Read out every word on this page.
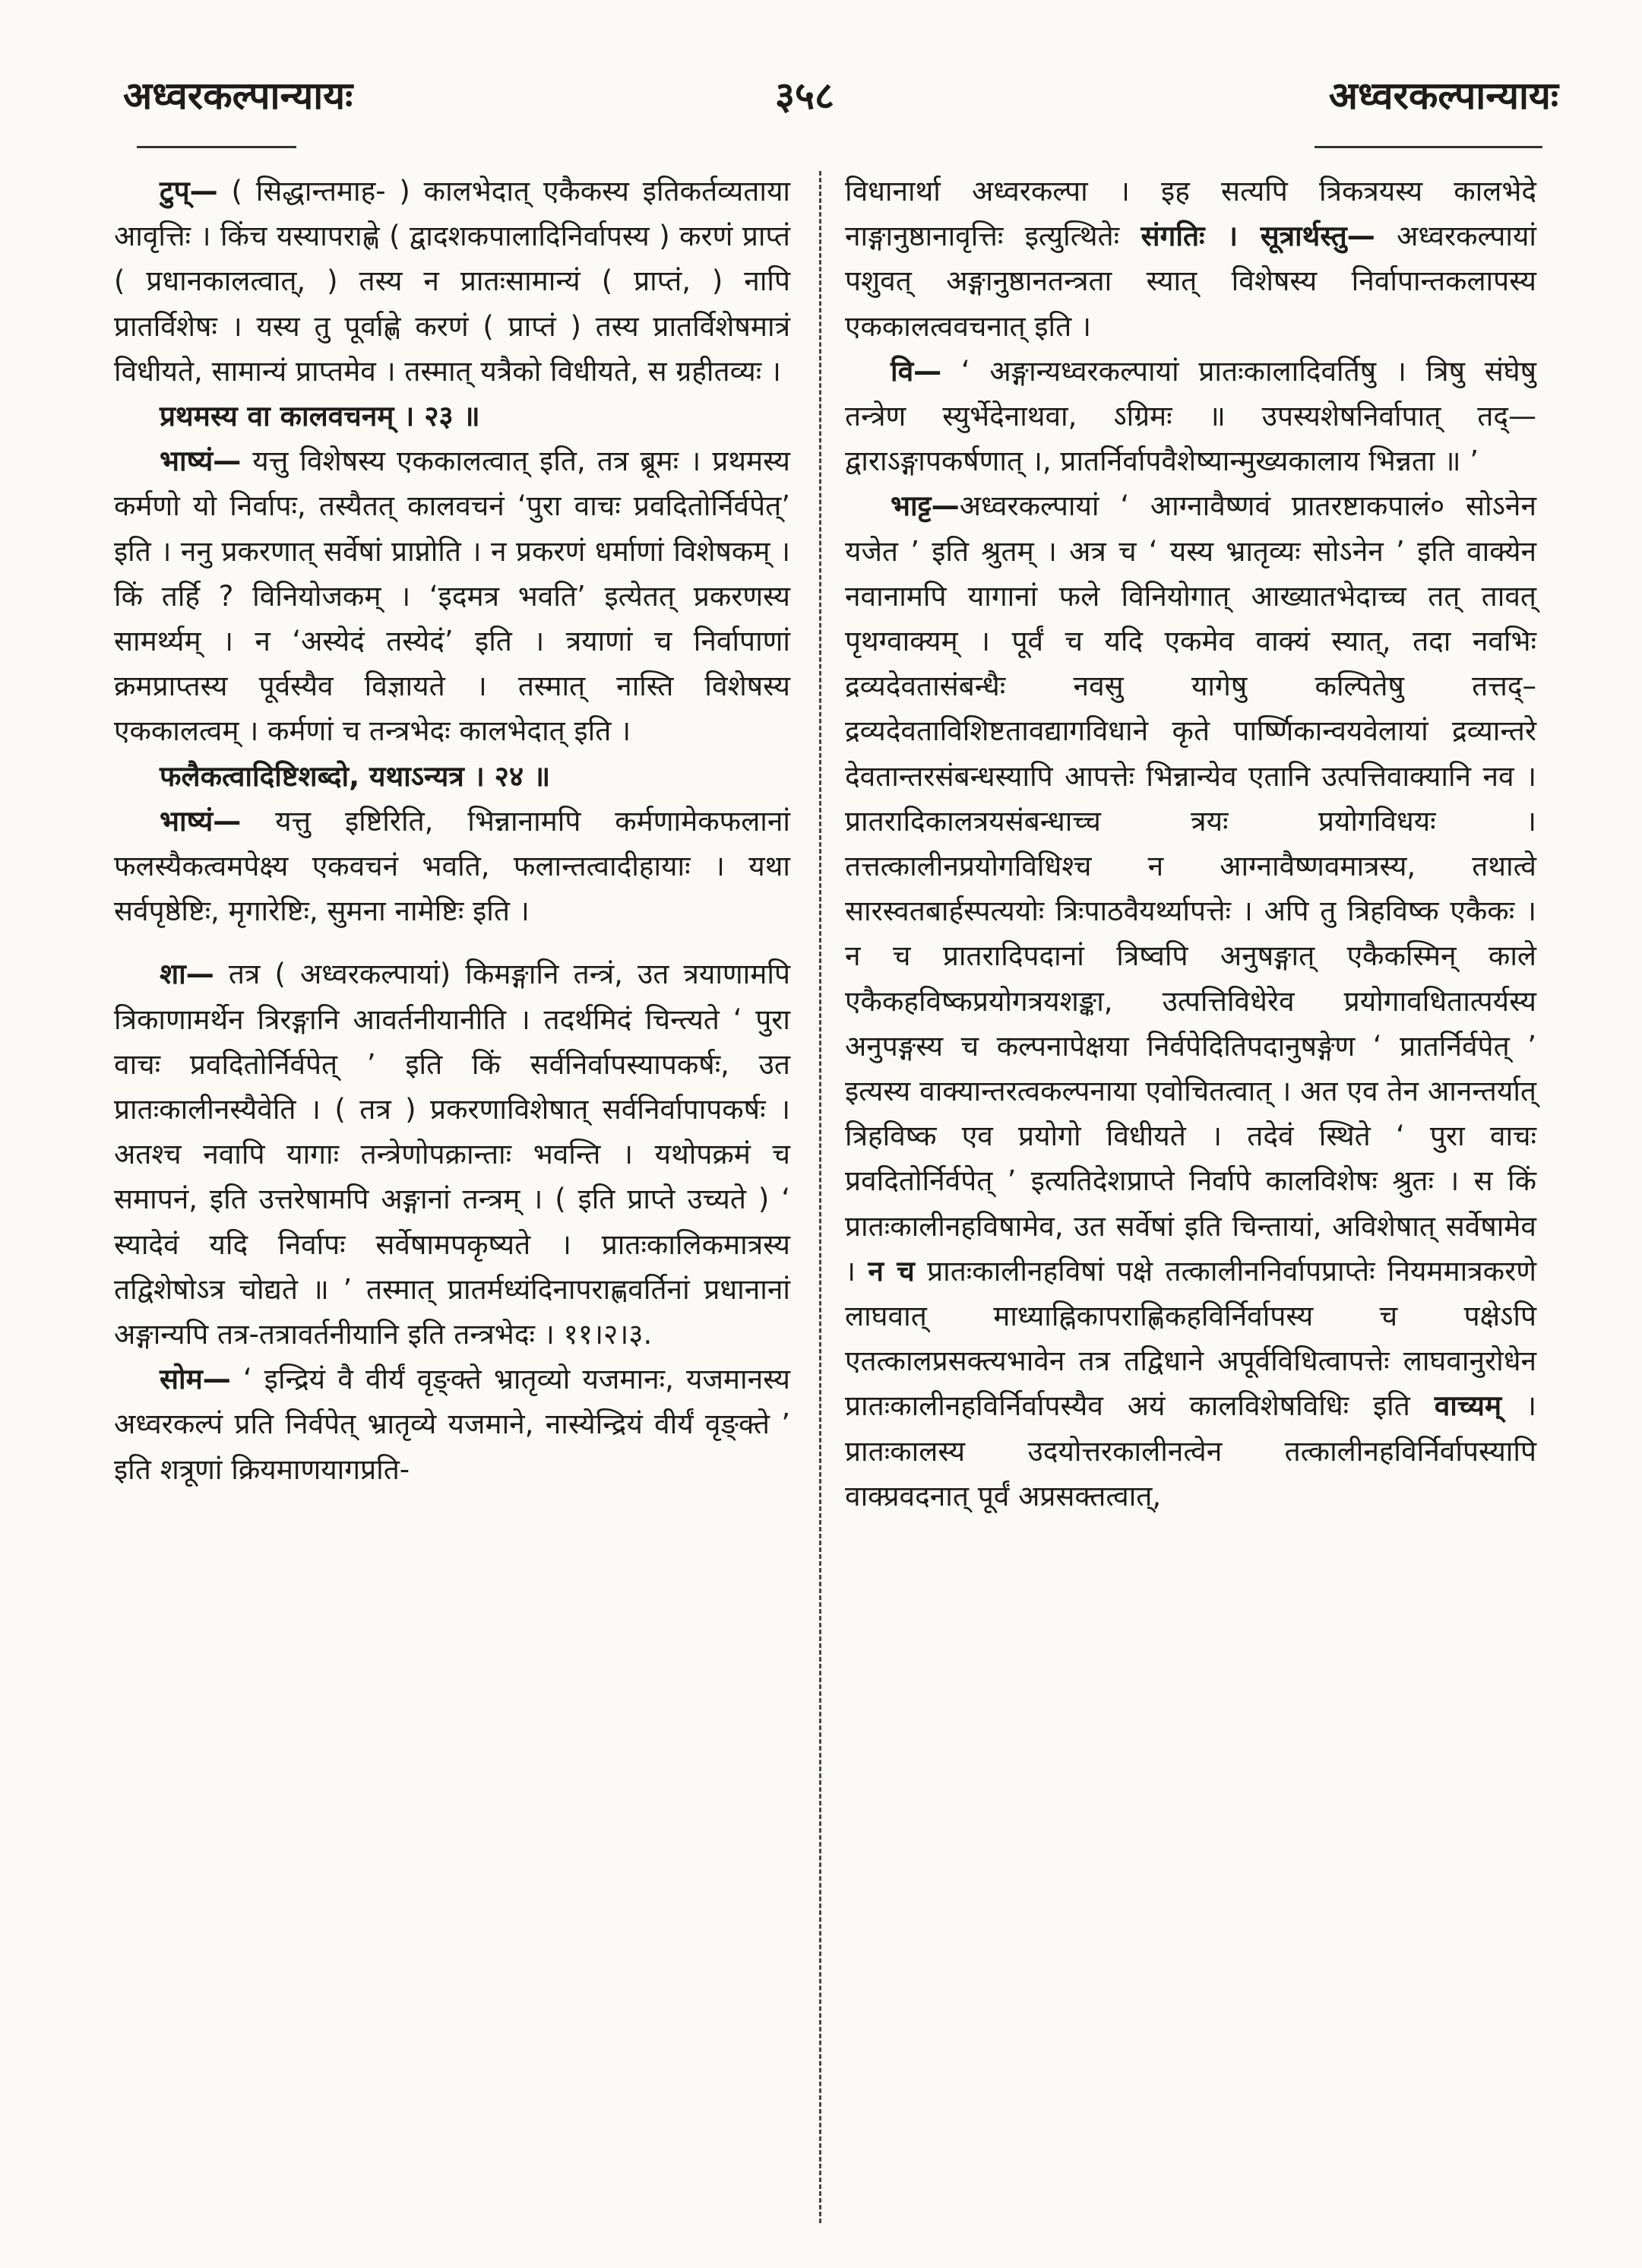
अध्वरकल्पान्यायः	३५८	अध्वरकल्पान्यायः

टुप्— ( सिद्धान्तमाह- ) कालभेदात् एकैकस्य इतिकर्तव्यताया आवृत्तिः । किंच यस्यापराह्णे ( द्वादशकपालादिनिर्वापस्य ) करणं प्राप्तं ( प्रधानकालत्वात्, ) तस्य न प्रातःसामान्यं ( प्राप्तं, ) नापि प्रातर्विशेषः । यस्य तु पूर्वाह्णे करणं ( प्राप्तं ) तस्य प्रातर्विशेषमात्रं विधीयते, सामान्यं प्राप्तमेव । तस्मात् यत्रैको विधीयते, स ग्रहीतव्यः ।

प्रथमस्य वा कालवचनम् । २३ ॥

भाष्यं— यत्तु विशेषस्य एककालत्वात् इति, तत्र ब्रूमः । प्रथमस्य कर्मणो यो निर्वापः, तस्यैतत् कालवचनं ‘पुरा वाचः प्रवदितोर्निर्वपेत्’ इति । ननु प्रकरणात् सर्वेषां प्राप्नोति । न प्रकरणं धर्माणां विशेषकम् । किं तर्हि ? विनियोजकम् । ‘इदमत्र भवति’ इत्येतत् प्रकरणस्य सामर्थ्यम् । न ‘अस्येदं तस्येदं’ इति । त्रयाणां च निर्वापाणां क्रमप्राप्तस्य पूर्वस्यैव विज्ञायते । तस्मात् नास्ति विशेषस्य एककालत्वम् । कर्मणां च तन्त्रभेदः कालभेदात् इति ।

फलैकत्वादिष्टिशब्दो, यथाऽन्यत्र । २४ ॥

भाष्यं— यत्तु इष्टिरिति, भिन्नानामपि कर्मणामेकफलानां फलस्यैकत्वमपेक्ष्य एकवचनं भवति, फलान्तत्वादीहायाः । यथा सर्वपृष्ठेष्टिः, मृगारेष्टिः, सुमना नामेष्टिः इति ।

शा— तत्र ( अध्वरकल्पायां) किमङ्गानि तन्त्रं, उत त्रयाणामपि त्रिकाणामर्थेन त्रिरङ्गानि आवर्तनीयानीति । तदर्थमिदं चिन्त्यते ‘ पुरा वाचः प्रवदितोर्निर्वपेत् ’ इति किं सर्वनिर्वापस्यापकर्षः, उत प्रातःकालीनस्यैवेति । ( तत्र ) प्रकरणाविशेषात् सर्वनिर्वापापकर्षः । अतश्च नवापि यागाः तन्त्रेणोपक्रान्ताः भवन्ति । यथोपक्रमं च समापनं, इति उत्तरेषामपि अङ्गानां तन्त्रम् । ( इति प्राप्ते उच्यते ) ‘ स्यादेवं यदि निर्वापः सर्वेषामपकृष्यते । प्रातःकालिकमात्रस्य तद्विशेषोऽत्र चोद्यते ॥ ’ तस्मात् प्रातर्मध्यंदिनापराह्णवर्तिनां प्रधानानां अङ्गान्यपि तत्र-तत्रावर्तनीयानि इति तन्त्रभेदः । ११।२।३.

सोम— ‘ इन्द्रियं वै वीर्यं वृङ्क्ते भ्रातृव्यो यजमानः, यजमानस्य अध्वरकल्पं प्रति निर्वपेत् भ्रातृव्ये यजमाने, नास्येन्द्रियं वीर्यं वृङ्क्ते ’ इति शत्रूणां क्रियमाणयागप्रति-

विधानार्था अध्वरकल्पा । इह सत्यपि त्रिकत्रयस्य कालभेदे नाङ्गानुष्ठानावृत्तिः इत्युत्थितेः संगतिः । सूत्रार्थस्तु— अध्वरकल्पायां पशुवत् अङ्गानुष्ठानतन्त्रता स्यात् विशेषस्य निर्वापान्तकलापस्य एककालत्ववचनात् इति ।

वि— ‘ अङ्गान्यध्वरकल्पायां प्रातःकालादिवर्तिषु । त्रिषु संघेषु तन्त्रेण स्युर्भेदेनाथवा, ऽग्रिमः ॥ उपस्यशेषनिर्वापात् तद्—द्वाराऽङ्गापकर्षणात् ।, प्रातर्निर्वापवैशेष्यान्मुख्यकालाय भिन्नता ॥ ’

भाट्ट—अध्वरकल्पायां ‘ आग्नावैष्णवं प्रातरष्टाकपालं० सोऽनेन यजेत ’ इति श्रुतम् । अत्र च ‘ यस्य भ्रातृव्यः सोऽनेन ’ इति वाक्येन नवानामपि यागानां फले विनियोगात् आख्यातभेदाच्च तत् तावत् पृथग्वाक्यम् । पूर्वं च यदि एकमेव वाक्यं स्यात्, तदा नवभिः द्रव्यदेवतासंबन्धैः नवसु यागेषु कल्पितेषु तत्तद्–द्रव्यदेवताविशिष्टतावद्यागविधाने कृते पार्ष्णिकान्वयवेलायां द्रव्यान्तरे देवतान्तरसंबन्धस्यापि आपत्तेः भिन्नान्येव एतानि उत्पत्तिवाक्यानि नव । प्रातरादिकालत्रयसंबन्धाच्च त्रयः प्रयोगविधयः । तत्तत्कालीनप्रयोगविधिश्च न आग्नावैष्णवमात्रस्य, तथात्वे सारस्वतबार्हस्पत्ययोः त्रिःपाठवैयर्थ्यापत्तेः । अपि तु त्रिहविष्क एकैकः । न च प्रातरादिपदानां त्रिष्वपि अनुषङ्गात् एकैकस्मिन् काले एकैकहविष्कप्रयोगत्रयशङ्का, उत्पत्तिविधेरेव प्रयोगावधितात्पर्यस्य अनुपङ्गस्य च कल्पनापेक्षया निर्वपेदितिपदानुषङ्गेण ‘ प्रातर्निर्वपेत् ’ इत्यस्य वाक्यान्तरत्वकल्पनाया एवोचितत्वात् । अत एव तेन आनन्तर्यात् त्रिहविष्क एव प्रयोगो विधीयते । तदेवं स्थिते ‘ पुरा वाचः प्रवदितोर्निर्वपेत् ’ इत्यतिदेशप्राप्ते निर्वापे कालविशेषः श्रुतः । स किं प्रातःकालीनहविषामेव, उत सर्वेषां इति चिन्तायां, अविशेषात् सर्वेषामेव । न च प्रातःकालीनहविषां पक्षे तत्कालीननिर्वापप्राप्तेः नियममात्रकरणे लाघवात् माध्याह्निकापराह्णिकहविर्निर्वापस्य च पक्षेऽपि एतत्कालप्रसक्त्यभावेन तत्र तद्विधाने अपूर्वविधित्वापत्तेः लाघवानुरोधेन प्रातःकालीनहविर्निर्वापस्यैव अयं कालविशेषविधिः इति वाच्यम् । प्रातःकालस्य उदयोत्तरकालीनत्वेन तत्कालीनहविर्निर्वापस्यापि वाक्प्रवदनात् पूर्वं अप्रसक्तत्वात्,
